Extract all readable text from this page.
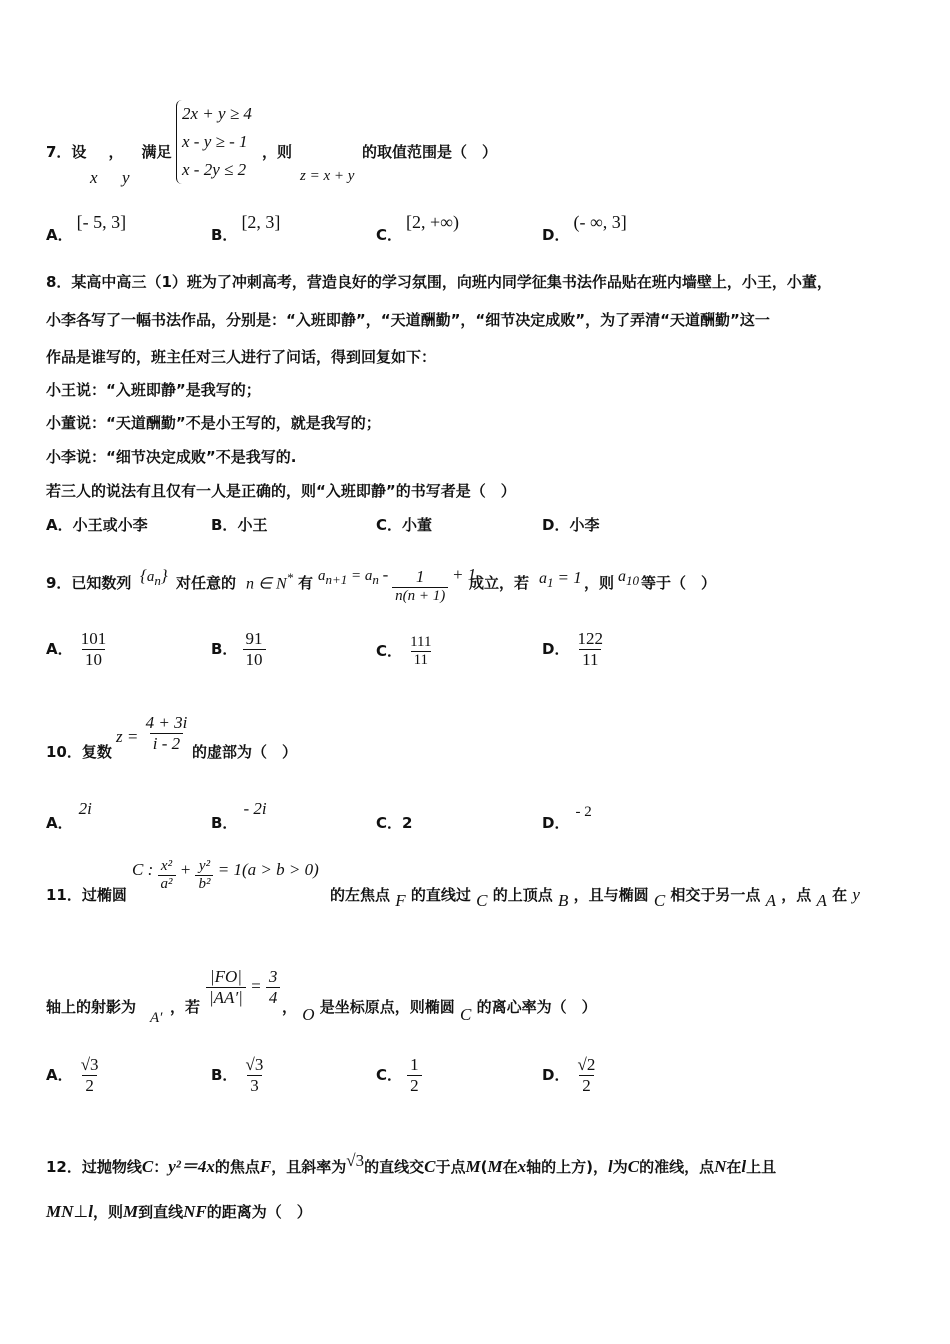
7．设 ， 满足
x y
2x + y ≥ 4
x - y ≥ - 1
x - 2y ≤ 2
，则
z = x + y
的取值范围是（　）
A．[- 5, 3]
B．[2, 3]
C．[2, +∞)
D．(- ∞, 3]
8．某高中高三（1）班为了冲刺高考，营造良好的学习氛围，向班内同学征集书法作品贴在班内墙壁上，小王，小董，
小李各写了一幅书法作品，分别是：“入班即静”，“天道酬勤”，“细节决定成败”，为了弄清“天道酬勤”这一
作品是谁写的，班主任对三人进行了问话，得到回复如下：
小王说：“入班即静”是我写的；
小董说：“天道酬勤”不是小王写的，就是我写的；
小李说：“细节决定成败”不是我写的.
若三人的说法有且仅有一人是正确的，则“入班即静”的书写者是（　）
A．小王或小李	B．小王	C．小董	D．小李
9．已知数列 $\{a_n\}$ 对任意的 n ∈ N* 有 $a_{n+1} = a_n - \frac{1}{n(n + 1)} + 1$
成立，若 $a_1 = 1$ ，则 $a_{10}$ 等于（　）
A． $\frac{101}{10}$	B． $\frac{91}{10}$	C． $\frac{111}{11}$	D． $\frac{122}{11}$
10．复数
$z = \frac{4 + 3i}{i - 2}$ 的虚部为（　）
A．2i
B．- 2i
C．2	D．- 2
11．过椭圆
C : $\frac{\text{x²}}{\text{a²}} + \frac{\text{y²}}{\text{b²}} = 1(a > b > 0)$
的左焦点 F 的直线过 C 的上顶点 B ，且与椭圆 C 相交于另一点 A ，点 A 在 y
轴上的射影为
A′
，若 $\frac{|FO|}{|AA'|} = \frac{3}{4}$ ， O 是坐标原点，则椭圆 C 的离心率为（　）
A． $\frac{√3}{2}$	B． $\frac{√3}{3}$	C． $\frac{1}{2}$	D． $\frac{√2}{2}$
12．过抛物线C：y²＝4x的焦点F，且斜率为√3的直线交C于点M(M在x轴的上方)，l为C的准线，点N在l上且
MN⊥l，则M到直线NF的距离为（　）
